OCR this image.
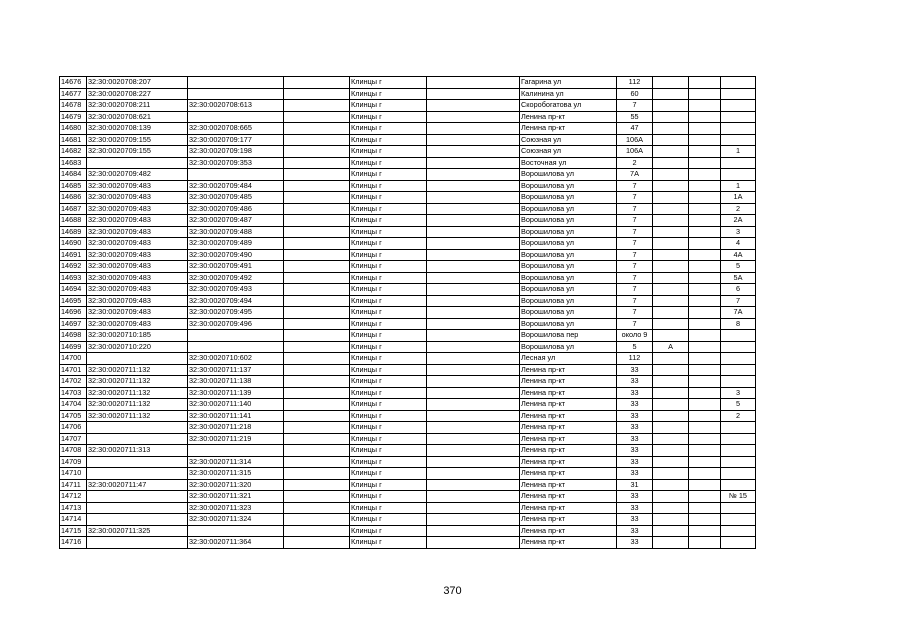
14676	32:30:0020708:207			Клинцы г		Гагарина ул	112			
14677	32:30:0020708:227			Клинцы г		Калинина ул	60			
14678	32:30:0020708:211	32:30:0020708:613		Клинцы г		Скоробогатова ул	7			
14679	32:30:0020708:621			Клинцы г		Ленина пр-кт	55			
14680	32:30:0020708:139	32:30:0020708:665		Клинцы г		Ленина пр-кт	47			
14681	32:30:0020709:155	32:30:0020709:177		Клинцы г		Союзная ул	106А			
14682	32:30:0020709:155	32:30:0020709:198		Клинцы г		Союзная ул	106А			1
14683		32:30:0020709:353		Клинцы г		Восточная ул	2			
14684	32:30:0020709:482			Клинцы г		Ворошилова ул	7А			
14685	32:30:0020709:483	32:30:0020709:484		Клинцы г		Ворошилова ул	7			1
14686	32:30:0020709:483	32:30:0020709:485		Клинцы г		Ворошилова ул	7			1А
14687	32:30:0020709:483	32:30:0020709:486		Клинцы г		Ворошилова ул	7			2
14688	32:30:0020709:483	32:30:0020709:487		Клинцы г		Ворошилова ул	7			2А
14689	32:30:0020709:483	32:30:0020709:488		Клинцы г		Ворошилова ул	7			3
14690	32:30:0020709:483	32:30:0020709:489		Клинцы г		Ворошилова ул	7			4
14691	32:30:0020709:483	32:30:0020709:490		Клинцы г		Ворошилова ул	7			4А
14692	32:30:0020709:483	32:30:0020709:491		Клинцы г		Ворошилова ул	7			5
14693	32:30:0020709:483	32:30:0020709:492		Клинцы г		Ворошилова ул	7			5А
14694	32:30:0020709:483	32:30:0020709:493		Клинцы г		Ворошилова ул	7			6
14695	32:30:0020709:483	32:30:0020709:494		Клинцы г		Ворошилова ул	7			7
14696	32:30:0020709:483	32:30:0020709:495		Клинцы г		Ворошилова ул	7			7А
14697	32:30:0020709:483	32:30:0020709:496		Клинцы г		Ворошилова ул	7			8
14698	32:30:0020710:185			Клинцы г		Ворошилова пер	около 9			
14699	32:30:0020710:220			Клинцы г		Ворошилова ул	5	А		
14700		32:30:0020710:602		Клинцы г		Лесная ул	112			
14701	32:30:0020711:132	32:30:0020711:137		Клинцы г		Ленина пр-кт	33			
14702	32:30:0020711:132	32:30:0020711:138		Клинцы г		Ленина пр-кт	33			
14703	32:30:0020711:132	32:30:0020711:139		Клинцы г		Ленина пр-кт	33			3
14704	32:30:0020711:132	32:30:0020711:140		Клинцы г		Ленина пр-кт	33			5
14705	32:30:0020711:132	32:30:0020711:141		Клинцы г		Ленина пр-кт	33			2
14706		32:30:0020711:218		Клинцы г		Ленина пр-кт	33			
14707		32:30:0020711:219		Клинцы г		Ленина пр-кт	33			
14708	32:30:0020711:313			Клинцы г		Ленина пр-кт	33			
14709		32:30:0020711:314		Клинцы г		Ленина пр-кт	33			
14710		32:30:0020711:315		Клинцы г		Ленина пр-кт	33			
14711	32:30:0020711:47	32:30:0020711:320		Клинцы г		Ленина пр-кт	31			
14712		32:30:0020711:321		Клинцы г		Ленина пр-кт	33			№ 15
14713		32:30:0020711:323		Клинцы г		Ленина пр-кт	33			
14714		32:30:0020711:324		Клинцы г		Ленина пр-кт	33			
14715	32:30:0020711:325			Клинцы г		Ленина пр-кт	33			
14716		32:30:0020711:364		Клинцы г		Ленина пр-кт	33			
370
